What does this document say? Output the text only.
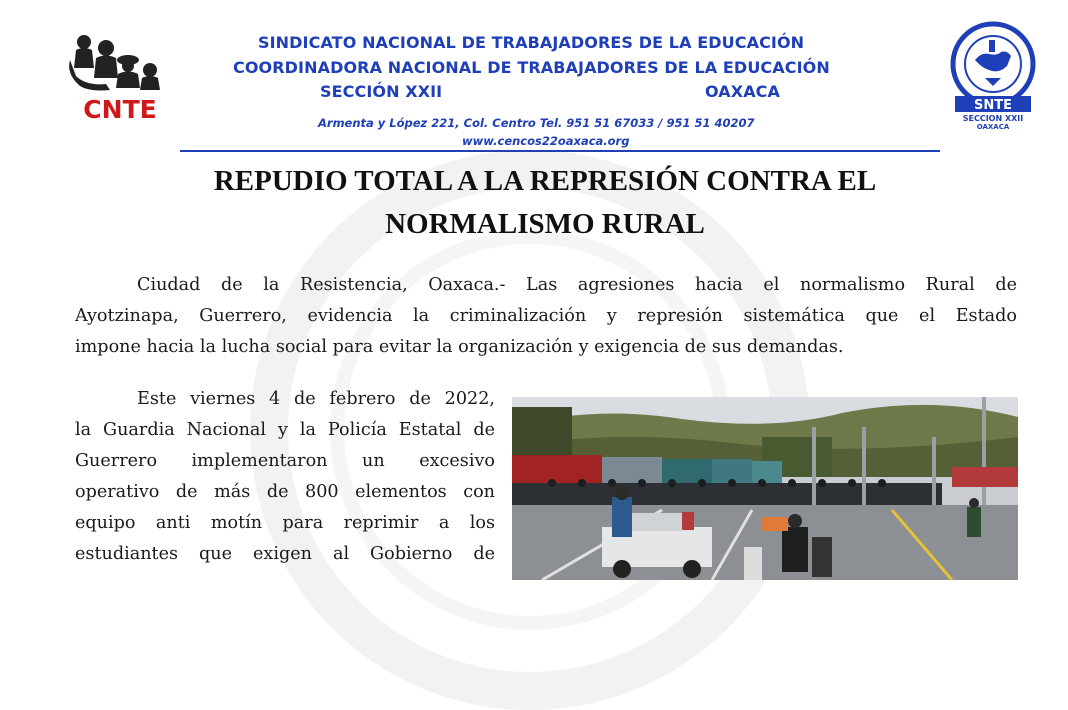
CNTE	SNTE
SECCION XXII
OAXACA
SINDICATO NACIONAL DE TRABAJADORES DE LA EDUCACIÓN
COORDINADORA NACIONAL DE TRABAJADORES DE LA EDUCACIÓN
SECCIÓN XXII	OAXACA
Armenta y López 221, Col. Centro Tel. 951 51 67033 / 951 51 40207
www.cencos22oaxaca.org
REPUDIO TOTAL A LA REPRESIÓN CONTRA EL
NORMALISMO RURAL
Ciudad de la Resistencia, Oaxaca.- Las agresiones hacia el normalismo Rural de
Ayotzinapa, Guerrero, evidencia la criminalización y represión sistemática que el Estado
impone hacia la lucha social para evitar la organización y exigencia de sus demandas.
Este viernes 4 de febrero de 2022,
la Guardia Nacional y la Policía Estatal de
Guerrero implementaron un excesivo
operativo de más de 800 elementos con
equipo anti motín para reprimir a los
estudiantes que exigen al Gobierno de
